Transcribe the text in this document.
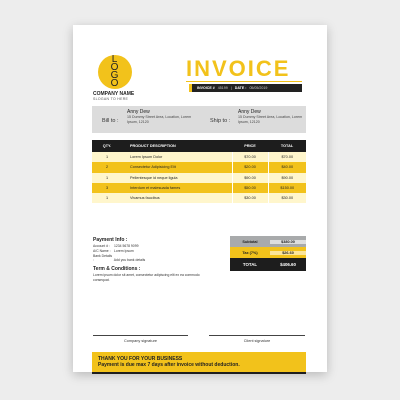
LOGO
COMPANY NAME
SLOGAN TO HERE
INVOICE
INVOICE # 45199 | DATE : 05/05/2019
Bill to :
Anny Dew
15 Dummy Street Area, Location, Lorem Ipsum, 12120	Ship to :
Anny Dew
15 Dummy Street Area, Location, Lorem Ipsum, 12120
QTY.	PRODUCT DESCRIPTION	PRICE	TOTAL
1	Lorem Ipsum Dolor	$70.00	$70.00
2	Consectetur Adipisicing Elit	$20.00	$40.00
1	Pellentesque id neque ligula	$90.00	$90.00
3	Interdum et malesuada fames	$50.00	$150.00
1	Vivamus faucibus	$30.00	$30.00
Payment Info :
Account # : 1234 5678 9099
A/C Name : Lorem Ipsum
Bank Details :	Add you bank details
Term & Conditions :
Lorem ipsum dolor sit amet, consectetur adipiscing elit ex ea commodo consequat.
Subtotal	$380.00
Tax (7%)	$26.60
TOTAL	$406.60
Company signature	Client signature
THANK YOU FOR YOUR BUSINESS
Payment is due max 7 days after invoice without deduction.
